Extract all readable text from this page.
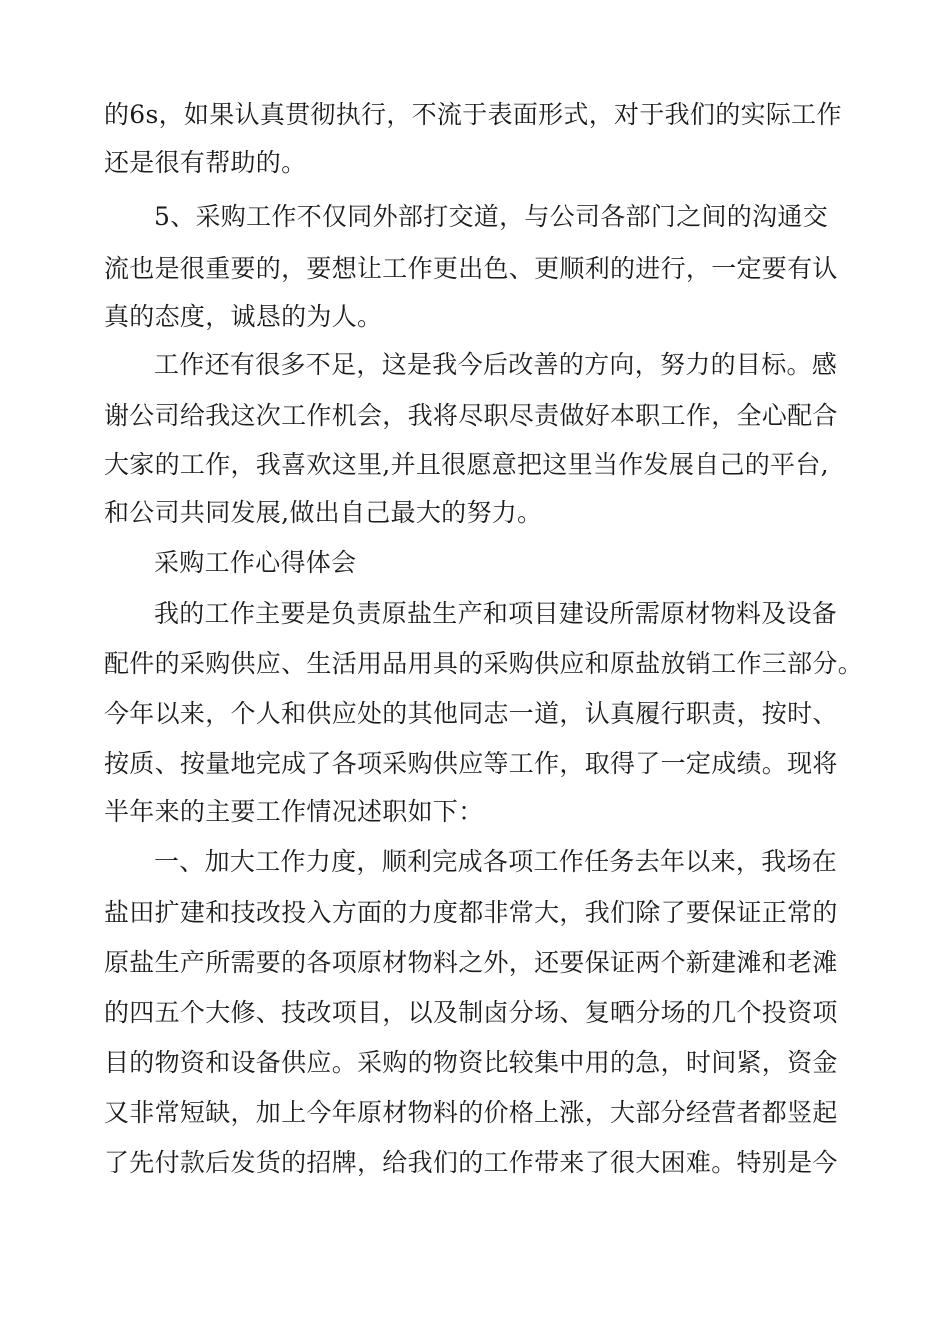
的6s，如果认真贯彻执行，不流于表面形式，对于我们的实际工作
还是很有帮助的。
5、采购工作不仅同外部打交道，与公司各部门之间的沟通交
流也是很重要的，要想让工作更出色、更顺利的进行，一定要有认
真的态度，诚恳的为人。
工作还有很多不足，这是我今后改善的方向，努力的目标。感
谢公司给我这次工作机会，我将尽职尽责做好本职工作，全心配合
大家的工作，我喜欢这里,并且很愿意把这里当作发展自己的平台,
和公司共同发展,做出自己最大的努力。
采购工作心得体会
我的工作主要是负责原盐生产和项目建设所需原材物料及设备
配件的采购供应、生活用品用具的采购供应和原盐放销工作三部分。
今年以来，个人和供应处的其他同志一道，认真履行职责，按时、
按质、按量地完成了各项采购供应等工作，取得了一定成绩。现将
半年来的主要工作情况述职如下：
一、加大工作力度，顺利完成各项工作任务去年以来，我场在
盐田扩建和技改投入方面的力度都非常大，我们除了要保证正常的
原盐生产所需要的各项原材物料之外，还要保证两个新建滩和老滩
的四五个大修、技改项目，以及制卤分场、复晒分场的几个投资项
目的物资和设备供应。采购的物资比较集中用的急，时间紧，资金
又非常短缺，加上今年原材物料的价格上涨，大部分经营者都竖起
了先付款后发货的招牌，给我们的工作带来了很大困难。特别是今
